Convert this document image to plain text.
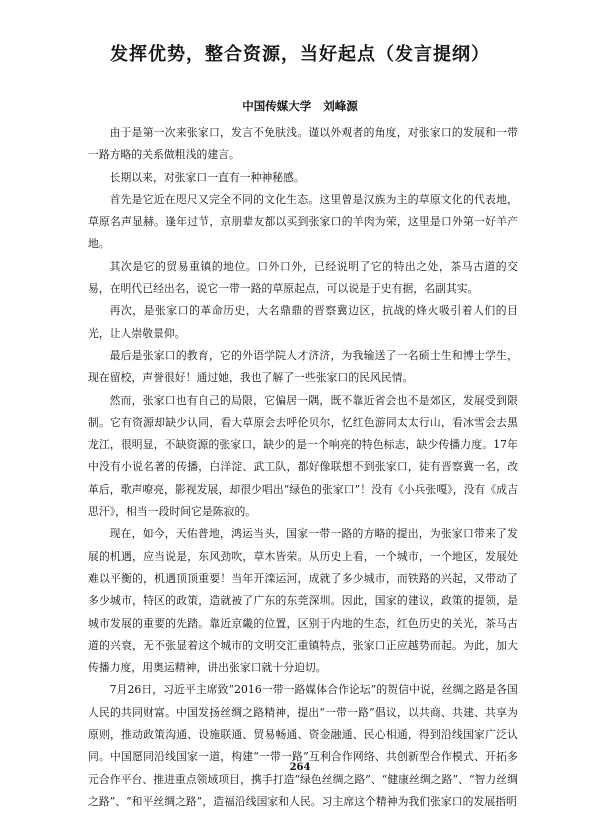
发挥优势，整合资源，当好起点（发言提纲）
中国传媒大学 刘峰源

由于是第一次来张家口，发言不免肤浅。谨以外观者的角度，对张家口的发展和一带一路方略的关系做粗浅的建言。

长期以来，对张家口一直有一种神秘感。

首先是它近在咫尺又完全不同的文化生态。这里曾是汉族为主的草原文化的代表地，草原名声显赫。逢年过节，京朋辈友都以买到张家口的羊肉为荣，这里是口外第一好羊产地。

其次是它的贸易重镇的地位。口外口外，已经说明了它的特出之处，茶马古道的交易，在明代已经出名，说它一带一路的草原起点，可以说是于史有据，名副其实。

再次，是张家口的革命历史，大名鼎鼎的晋察冀边区，抗战的烽火吸引着人们的目光，让人崇敬景仰。

最后是张家口的教育，它的外语学院人才济济，为我输送了一名硕士生和博士学生，现在留校，声誉很好！通过她，我也了解了一些张家口的民风民情。

然而，张家口也有自己的局限，它偏居一隅，既不靠近省会也不是郊区，发展受到限制。它有资源却缺少认同，看大草原会去呼伦贝尔，忆红色游同太太行山，看冰雪会去黑龙江，很明显，不缺资源的张家口，缺少的是一个响亮的特色标志，缺少传播力度。17年中没有小说名著的传播，白洋淀、武工队，都好像联想不到张家口，徒有晋察冀一名，改革后，歌声嘹亮，影视发展，却很少唱出“绿色的张家口”！没有《小兵张嘎》，没有《成吉思汗》，相当一段时间它是陈寂的。

现在，如今，天佑普地，鸿运当头，国家一带一路的方略的提出，为张家口带来了发展的机遇，应当说是，东风劲吹，草木皆荣。从历史上看，一个城市，一个地区，发展处难以平衡的，机遇顶顶重要！当年开滦运河，成就了多少城市，而铁路的兴起，又带动了多少城市，特区的政策，造就被了广东的东莞深圳。因此，国家的建议，政策的提领，是城市发展的重要的先踏。靠近京畿的位置，区别于内地的生态，红色历史的关光，茶马古道的兴衰，无不张显着这个城市的文明交汇重镇特点，张家口正应越势而起。为此，加大传播力度，用奥运精神，讲出张家口就十分迫切。

7月26日，习近平主席致“2016一带一路媒体合作论坛”的贺信中说，丝绸之路是各国人民的共同财富。中国发扬丝绸之路精神，提出“一带一路”倡议，以共商、共建、共享为原则，推动政策沟通、设施联通、贸易畅通、资金融通、民心相通，得到沿线国家广泛认同。中国愿同沿线国家一道，构建“一带一路”互利合作网络、共创新型合作模式、开拓多元合作平台、推进重点领域项目，携手打造“绿色丝绸之路”、“健康丝绸之路”、“智力丝绸之路”、“和平丝绸之路”，造福沿线国家和人民。习主席这个精神为我们张家口的发展指明

264
